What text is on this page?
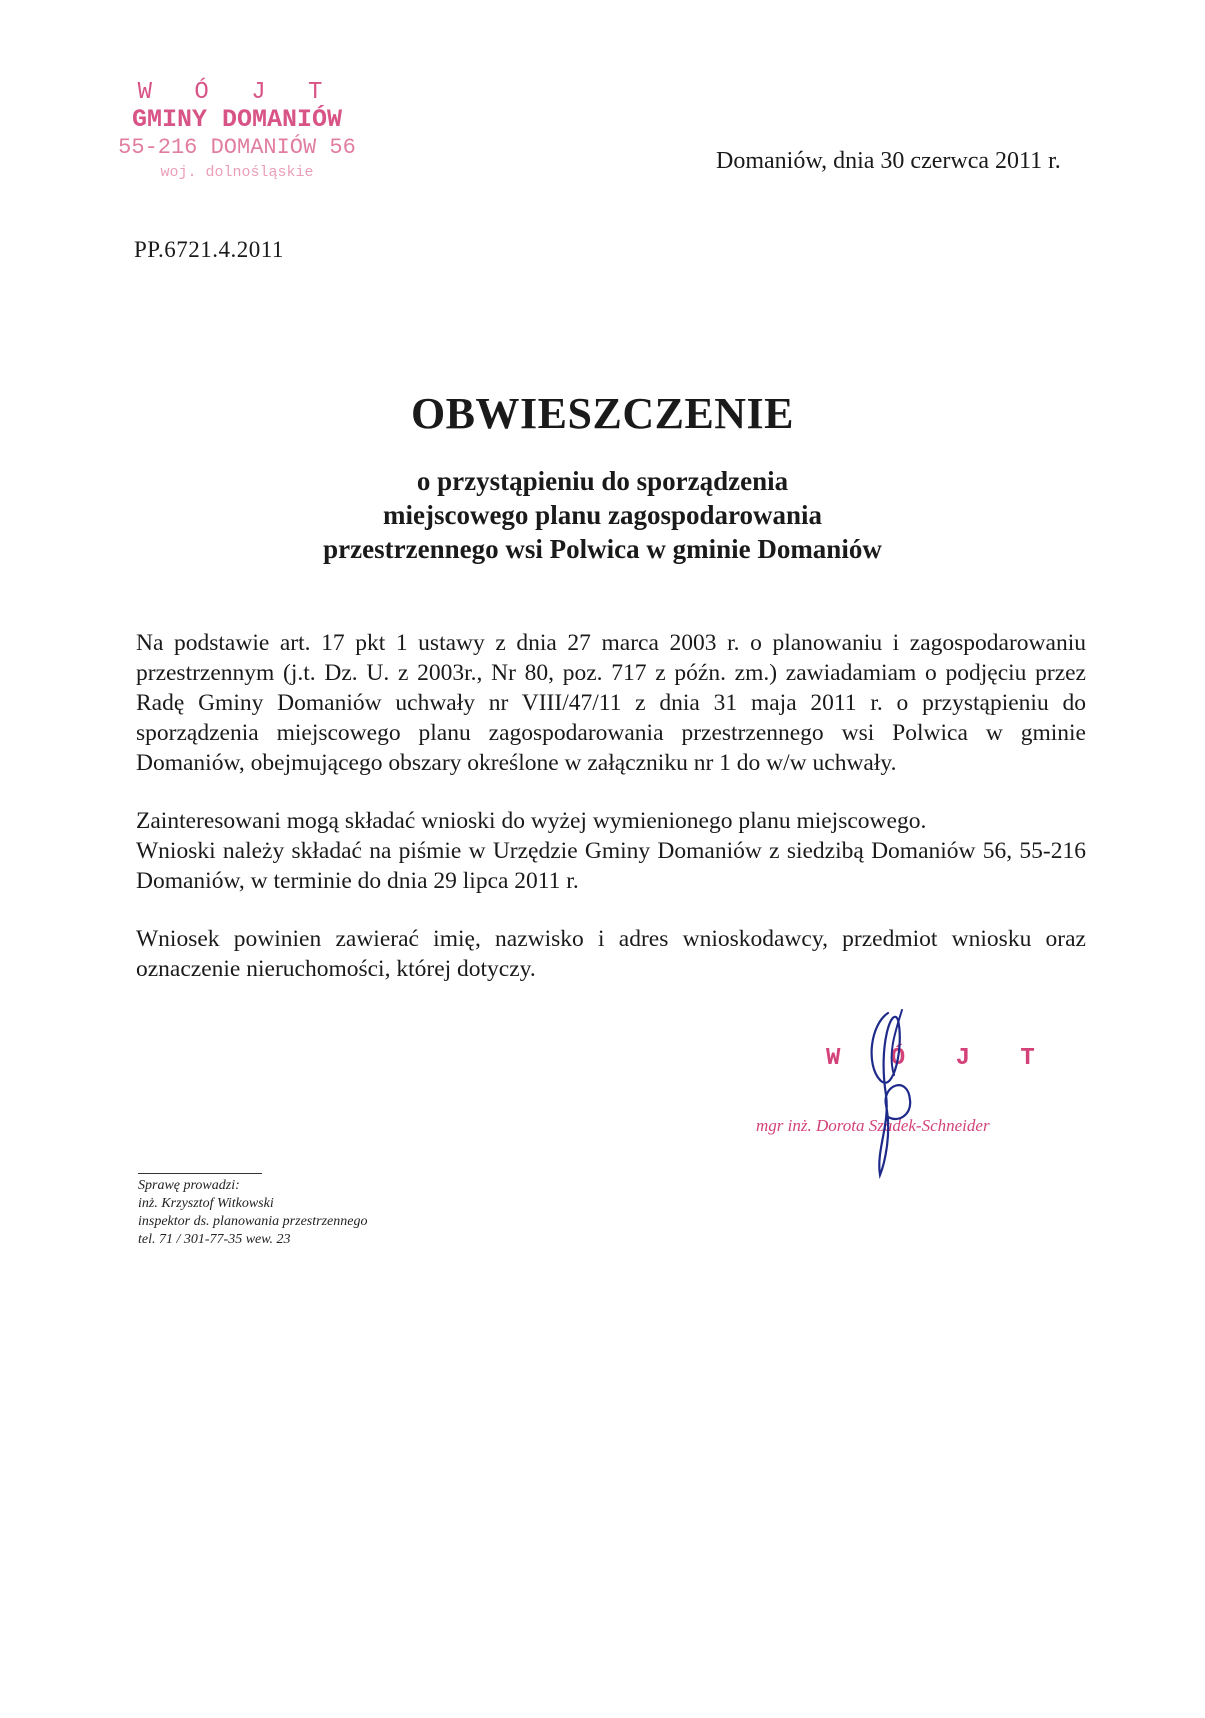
W Ó J T
GMINY DOMANIÓW
55-216 DOMANIÓW 56
woj. dolnośląskie	Domaniów, dnia 30 czerwca 2011 r.
PP.6721.4.2011
OBWIESZCZENIE
o przystąpieniu do sporządzenia
miejscowego planu zagospodarowania
przestrzennego wsi Polwica w gminie Domaniów
Na podstawie art. 17 pkt 1 ustawy z dnia 27 marca 2003 r. o planowaniu i zagospodarowaniu przestrzennym (j.t. Dz. U. z 2003r., Nr 80, poz. 717 z późn. zm.) zawiadamiam o podjęciu przez Radę Gminy Domaniów uchwały nr VIII/47/11 z dnia 31 maja 2011 r. o przystąpieniu do sporządzenia miejscowego planu zagospodarowania przestrzennego wsi Polwica w gminie Domaniów, obejmującego obszary określone w załączniku nr 1 do w/w uchwały.
Zainteresowani mogą składać wnioski do wyżej wymienionego planu miejscowego.
Wnioski należy składać na piśmie w Urzędzie Gminy Domaniów z siedzibą Domaniów 56, 55-216 Domaniów, w terminie do dnia 29 lipca 2011 r.
Wniosek powinien zawierać imię, nazwisko i adres wnioskodawcy, przedmiot wniosku oraz oznaczenie nieruchomości, której dotyczy.
W Ó J T
mgr inż. Dorota Szadek-Schneider
Sprawę prowadzi:
inż. Krzysztof Witkowski
inspektor ds. planowania przestrzennego
tel. 71 / 301-77-35 wew. 23
